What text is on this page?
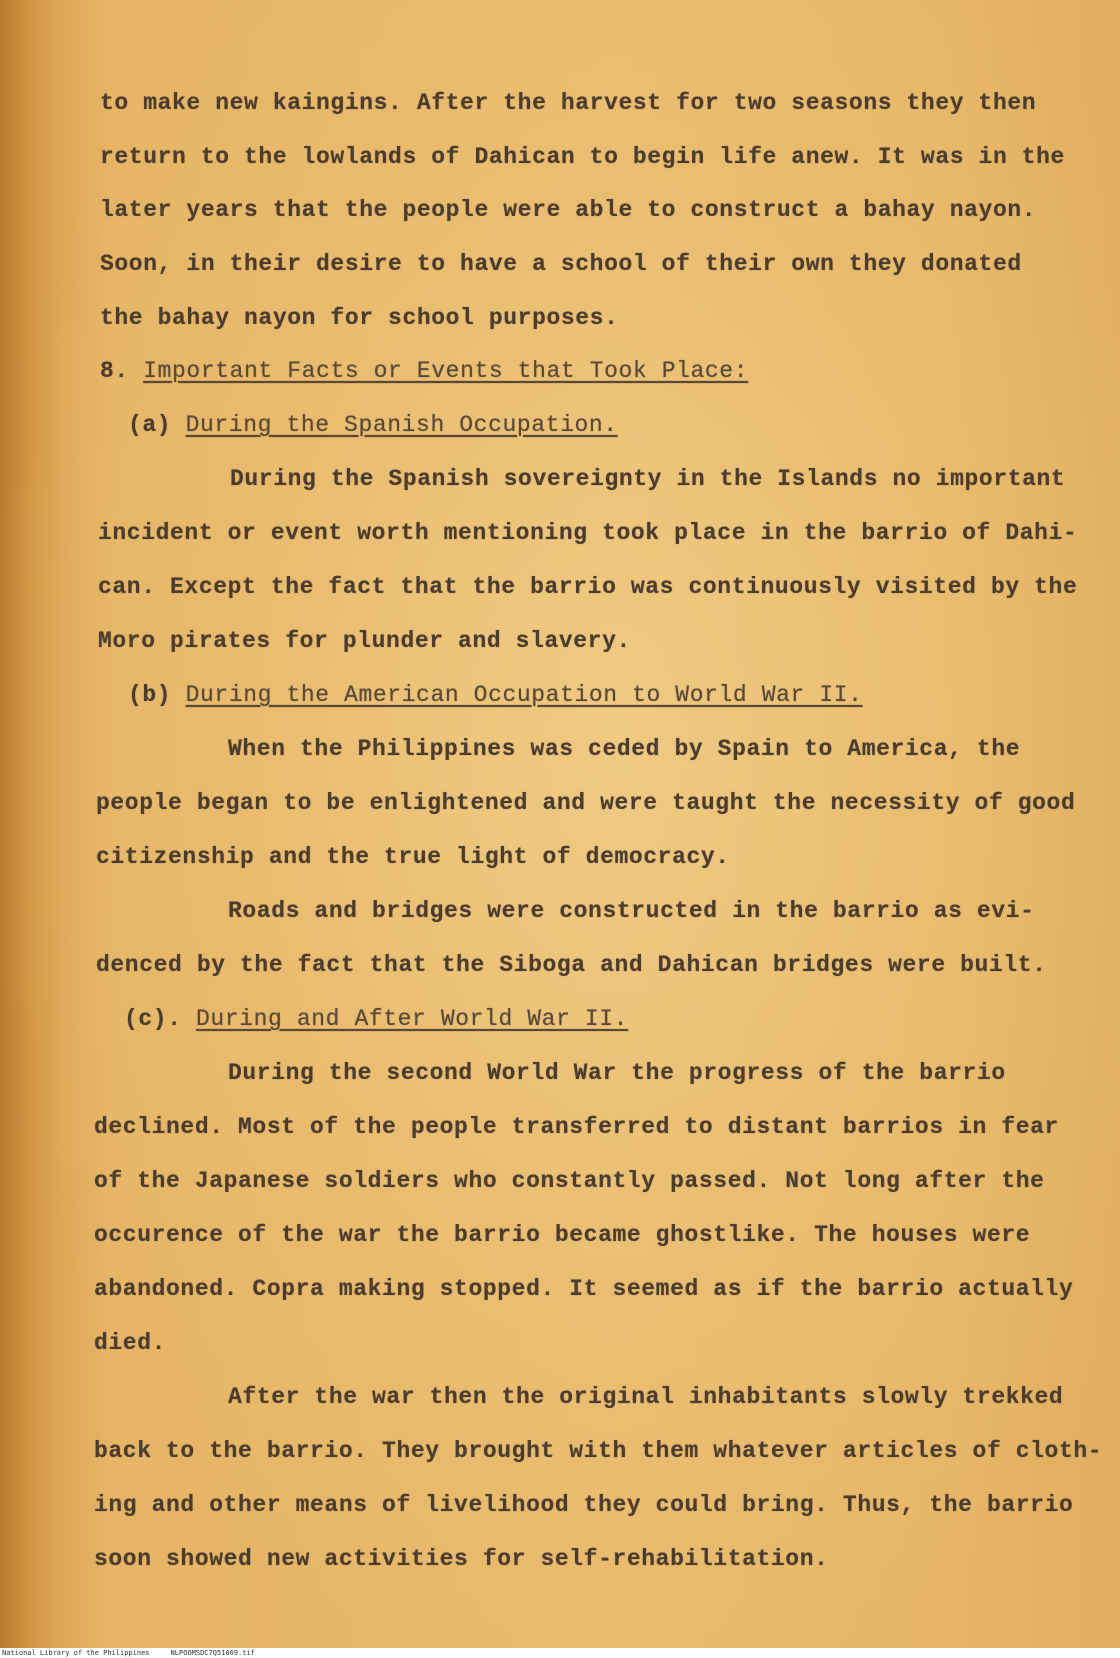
to make new kaingins. After the harvest for two seasons they then
return to the lowlands of Dahican to begin life anew. It was in the
later years that the people were able to construct a bahay nayon.
Soon, in their desire to have a school of their own they donated
the bahay nayon for school purposes.
8. Important Facts or Events that Took Place:
(a) During the Spanish Occupation.
During the Spanish sovereignty in the Islands no important
incident or event worth mentioning took place in the barrio of Dahi-
can. Except the fact that the barrio was continuously visited by the
Moro pirates for plunder and slavery.
(b) During the American Occupation to World War II.
When the Philippines was ceded by Spain to America, the
people began to be enlightened and were taught the necessity of good
citizenship and the true light of democracy.
Roads and bridges were constructed in the barrio as evi-
denced by the fact that the Siboga and Dahican bridges were built.
(c). During and After World War II.
During the second World War the progress of the barrio
declined. Most of the people transferred to distant barrios in fear
of the Japanese soldiers who constantly passed. Not long after the
occurence of the war the barrio became ghostlike. The houses were
abandoned. Copra making stopped. It seemed as if the barrio actually
died.
After the war then the original inhabitants slowly trekked
back to the barrio. They brought with them whatever articles of cloth-
ing and other means of livelihood they could bring. Thus, the barrio
soon showed new activities for self-rehabilitation.
National Library of the Philippines	NLPOOMSDC7Q51069.tif
